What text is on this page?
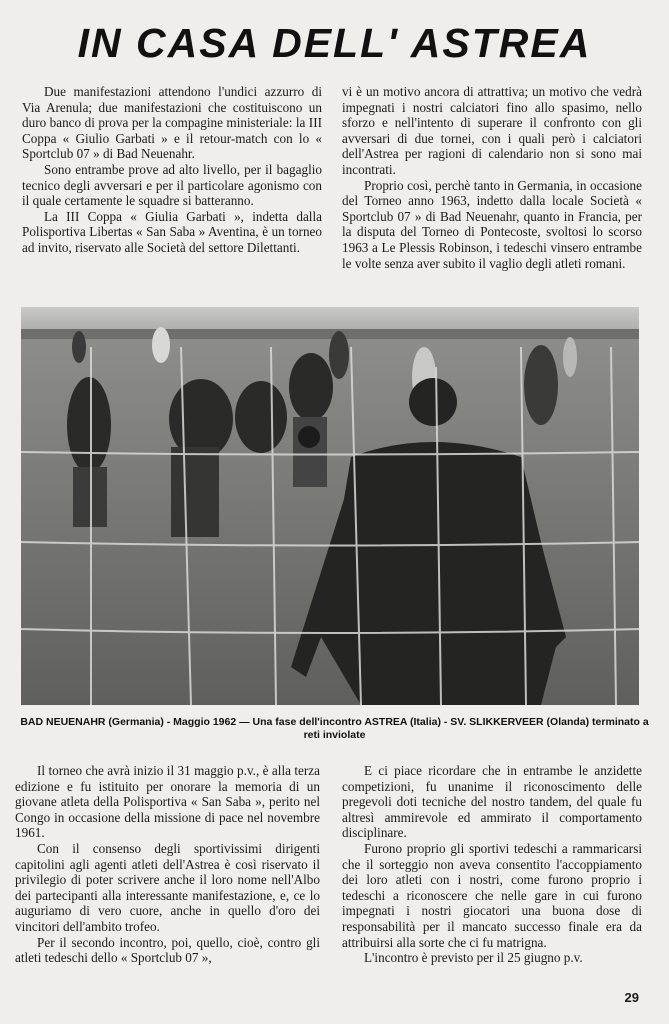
IN CASA DELL' ASTREA

Due manifestazioni attendono l'undici azzurro di Via Arenula; due manifestazioni che costituiscono un duro banco di prova per la compagine ministeriale: la III Coppa « Giulio Garbati » e il retour-match con lo « Sportclub 07 » di Bad Neuenahr.

Sono entrambe prove ad alto livello, per il bagaglio tecnico degli avversari e per il particolare agonismo con il quale certamente le squadre si batteranno.

La III Coppa « Giulia Garbati », indetta dalla Polisportiva Libertas « San Saba » Aventina, è un torneo ad invito, riservato alle Società del settore Dilettanti.

vi è un motivo ancora di attrattiva; un motivo che vedrà impegnati i nostri calciatori fino allo spasimo, nello sforzo e nell'intento di superare il confronto con gli avversari di due tornei, con i quali però i calciatori dell'Astrea per ragioni di calendario non si sono mai incontrati.

Proprio così, perchè tanto in Germania, in occasione del Torneo anno 1963, indetto dalla locale Società « Sportclub 07 » di Bad Neuenahr, quanto in Francia, per la disputa del Torneo di Pontecoste, svoltosi lo scorso 1963 a Le Plessis Robinson, i tedeschi vinsero entrambe le volte senza aver subito il vaglio degli atleti romani.

BAD NEUENAHR (Germania) - Maggio 1962 — Una fase dell'incontro ASTREA (Italia) - SV. SLIKKERVEER (Olanda) terminato a reti inviolate

Il torneo che avrà inizio il 31 maggio p.v., è alla terza edizione e fu istituito per onorare la memoria di un giovane atleta della Polisportiva « San Saba », perito nel Congo in occasione della missione di pace nel novembre 1961.

Con il consenso degli sportivissimi dirigenti capitolini agli agenti atleti dell'Astrea è così riservato il privilegio di poter scrivere anche il loro nome nell'Albo dei partecipanti alla interessante manifestazione, e, ce lo auguriamo di vero cuore, anche in quello d'oro dei vincitori dell'ambito trofeo.

Per il secondo incontro, poi, quello, cioè, contro gli atleti tedeschi dello « Sportclub 07 »,

E ci piace ricordare che in entrambe le anzidette competizioni, fu unanime il riconoscimento delle pregevoli doti tecniche del nostro tandem, del quale fu altresì ammirevole ed ammirato il comportamento disciplinare.

Furono proprio gli sportivi tedeschi a rammaricarsi che il sorteggio non aveva consentito l'accoppiamento dei loro atleti con i nostri, come furono proprio i tedeschi a riconoscere che nelle gare in cui furono impegnati i nostri giocatori una buona dose di responsabilità per il mancato successo finale era da attribuirsi alla sorte che ci fu matrigna.

L'incontro è previsto per il 25 giugno p.v.

29
